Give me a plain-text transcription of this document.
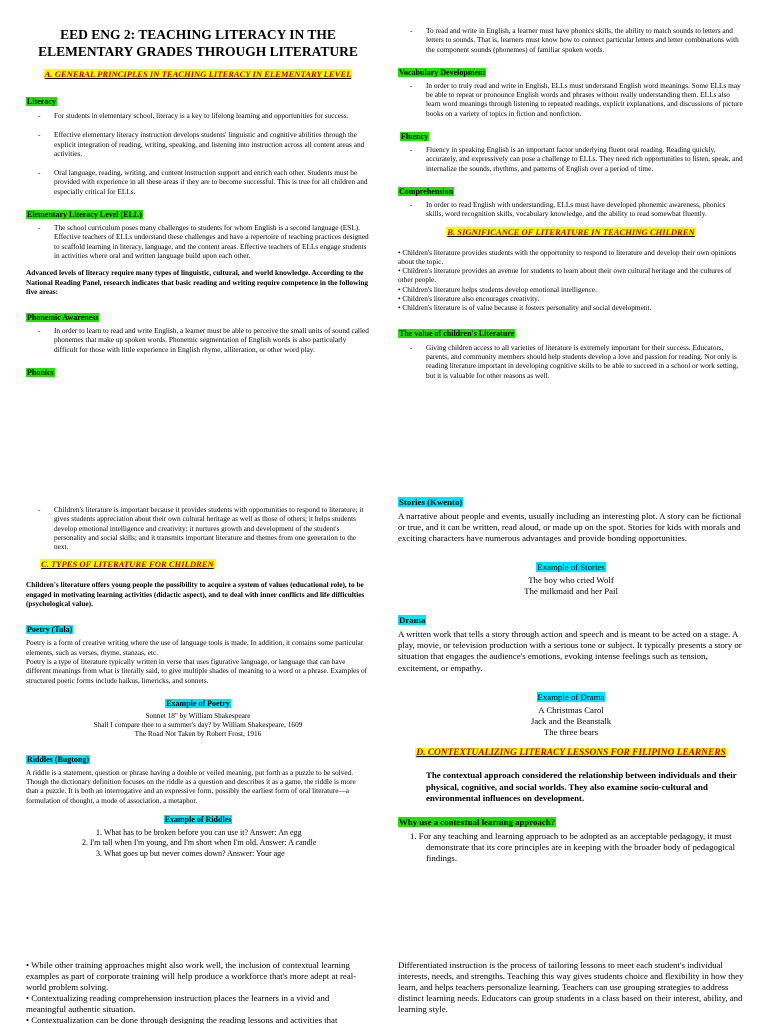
EED ENG 2: TEACHING LITERACY IN THE
ELEMENTARY GRADES THROUGH LITERATURE
A. GENERAL PRINCIPLES IN TEACHING LITERACY IN ELEMENTARY LEVEL
Literacy
- For students in elementary school, literacy is a key to lifelong learning and opportunities for success.
- Effective elementary literacy instruction develops students' linguistic and cognitive abilities through the explicit integration of reading, writing, speaking, and listening into instruction across all content areas and activities.
- Oral language, reading, writing, and content instruction support and enrich each other. Students must be provided with experience in all these areas if they are to become successful. This is true for all children and especially critical for ELLs.
Elementary Literacy Level (ELL)
- The school curriculum poses many challenges to students for whom English is a second language (ESL). Effective teachers of ELLs understand these challenges and have a repertoire of teaching practices designed to scaffold learning in literacy, language, and the content areas. Effective teachers of ELLs engage students in activities where oral and written language build upon each other.
Advanced levels of literacy require many types of linguistic, cultural, and world knowledge. According to the National Reading Panel, research indicates that basic reading and writing require competence in the following five areas:
Phonemic Awareness
- In order to learn to read and write English, a learner must be able to perceive the small units of sound called phonemes that make up spoken words. Phonemic segmentation of English words is also particularly difficult for those with little experience in English rhyme, alliteration, or other word play.
Phonics
- To read and write in English, a learner must have phonics skills, the ability to match sounds to letters and letters to sounds. That is, learners must know how to connect particular letters and letter combinations with the component sounds (phonemes) of familiar spoken words.
Vocabulary Development
- In order to truly read and write in English, ELLs must understand English word meanings. Some ELLs may be able to repeat or pronounce English words and phrases without really understanding them. ELLs also learn word meanings through listening to repeated readings, explicit explanations, and discussions of picture books on a variety of topics in fiction and nonfiction.
Fluency
- Fluency in speaking English is an important factor underlying fluent oral reading. Reading quickly, accurately, and expressively can pose a challenge to ELLs. They need rich opportunities to listen, speak, and internalize the sounds, rhythms, and patterns of English over a period of time.
Comprehension
- In order to read English with understanding, ELLs must have developed phonemic awareness, phonics skills, word recognition skills, vocabulary knowledge, and the ability to read somewhat fluently.
B. SIGNIFICANCE OF LITERATURE IN TEACHING CHILDREN
• Children's literature provides students with the opportunity to respond to literature and develop their own opinions about the topic.
• Children's literature provides an avenue for students to learn about their own cultural heritage and the cultures of other people.
• Children's literature helps students develop emotional intelligence.
• Children's literature also encourages creativity.
• Children's literature is of value because it fosters personality and social development.
The value of children's Literature
- Giving children access to all varieties of literature is extremely important for their success. Educators, parents, and community members should help students develop a love and passion for reading. Not only is reading literature important in developing cognitive skills to be able to succeed in a school or work setting, but it is valuable for other reasons as well.
- Children's literature is important because it provides students with opportunities to respond to literature; it gives students appreciation about their own cultural heritage as well as those of others; it helps students develop emotional intelligence and creativity; it nurtures growth and development of the student's personality and social skills; and it transmits important literature and themes from one generation to the next.
C. TYPES OF LITERATURE FOR CHILDREN
Children's literature offers young people the possibility to acquire a system of values (educational role), to be engaged in motivating learning activities (didactic aspect), and to deal with inner conflicts and life difficulties (psychological value).
Poetry (Tula)
Poetry is a form of creative writing where the use of language tools is made. In addition, it contains some particular elements, such as verses, rhyme, stanzas, etc.
Poetry is a type of literature typically written in verse that uses figurative language, or language that can have different meanings from what is literally said, to give multiple shades of meaning to a word or a phrase. Examples of structured poetic forms include haikus, limericks, and sonnets.
Example of Poetry
Sonnet 18" by William Shakespeare
Shall I compare thee to a summer's day? by William Shakespeare, 1609
The Road Not Taken by Robert Frost, 1916
Riddles (Bugtong)
A riddle is a statement, question or phrase having a double or veiled meaning, put forth as a puzzle to be solved. Though the dictionary definition focuses on the riddle as a question and describes it as a game, the riddle is more than a puzzle. It is both an interrogative and an expressive form, possibly the earliest form of oral literature—a formulation of thought, a mode of association, a metaphor.
Example of Riddles
1. What has to be broken before you can use it? Answer: An egg
2. I'm tall when I'm young, and I'm short when I'm old. Answer: A candle
3. What goes up but never comes down? Answer: Your age
Stories (Kwento)
A narrative about people and events, usually including an interesting plot. A story can be fictional or true, and it can be written, read aloud, or made up on the spot. Stories for kids with morals and exciting characters have numerous advantages and provide bonding opportunities.
Example of Stories
The boy who cried Wolf
The milkmaid and her Pail
Drama
A written work that tells a story through action and speech and is meant to be acted on a stage. A play, movie, or television production with a serious tone or subject. It typically presents a story or situation that engages the audience's emotions, evoking intense feelings such as tension, excitement, or empathy.
Example of Drama
A Christmas Carol
Jack and the Beanstalk
The three bears
D. CONTEXTUALIZING LITERACY LESSONS FOR FILIPINO LEARNERS
The contextual approach considered the relationship between individuals and their physical, cognitive, and social worlds. They also examine socio-cultural and environmental influences on development.
Why use a contextual learning approach?
1. For any teaching and learning approach to be adopted as an acceptable pedagogy, it must demonstrate that its core principles are in keeping with the broader body of pedagogical findings.
• While other training approaches might also work well, the inclusion of contextual learning examples as part of corporate training will help produce a workforce that's more adept at real-world problem solving.
• Contextualizing reading comprehension instruction places the learners in a vivid and meaningful authentic situation.
• Contextualization can be done through designing the reading lessons and activities that
Differentiated instruction is the process of tailoring lessons to meet each student's individual interests, needs, and strengths. Teaching this way gives students choice and flexibility in how they learn, and helps teachers personalize learning. Teachers can use grouping strategies to address distinct learning needs. Educators can group students in a class based on their interest, ability, and learning style.
